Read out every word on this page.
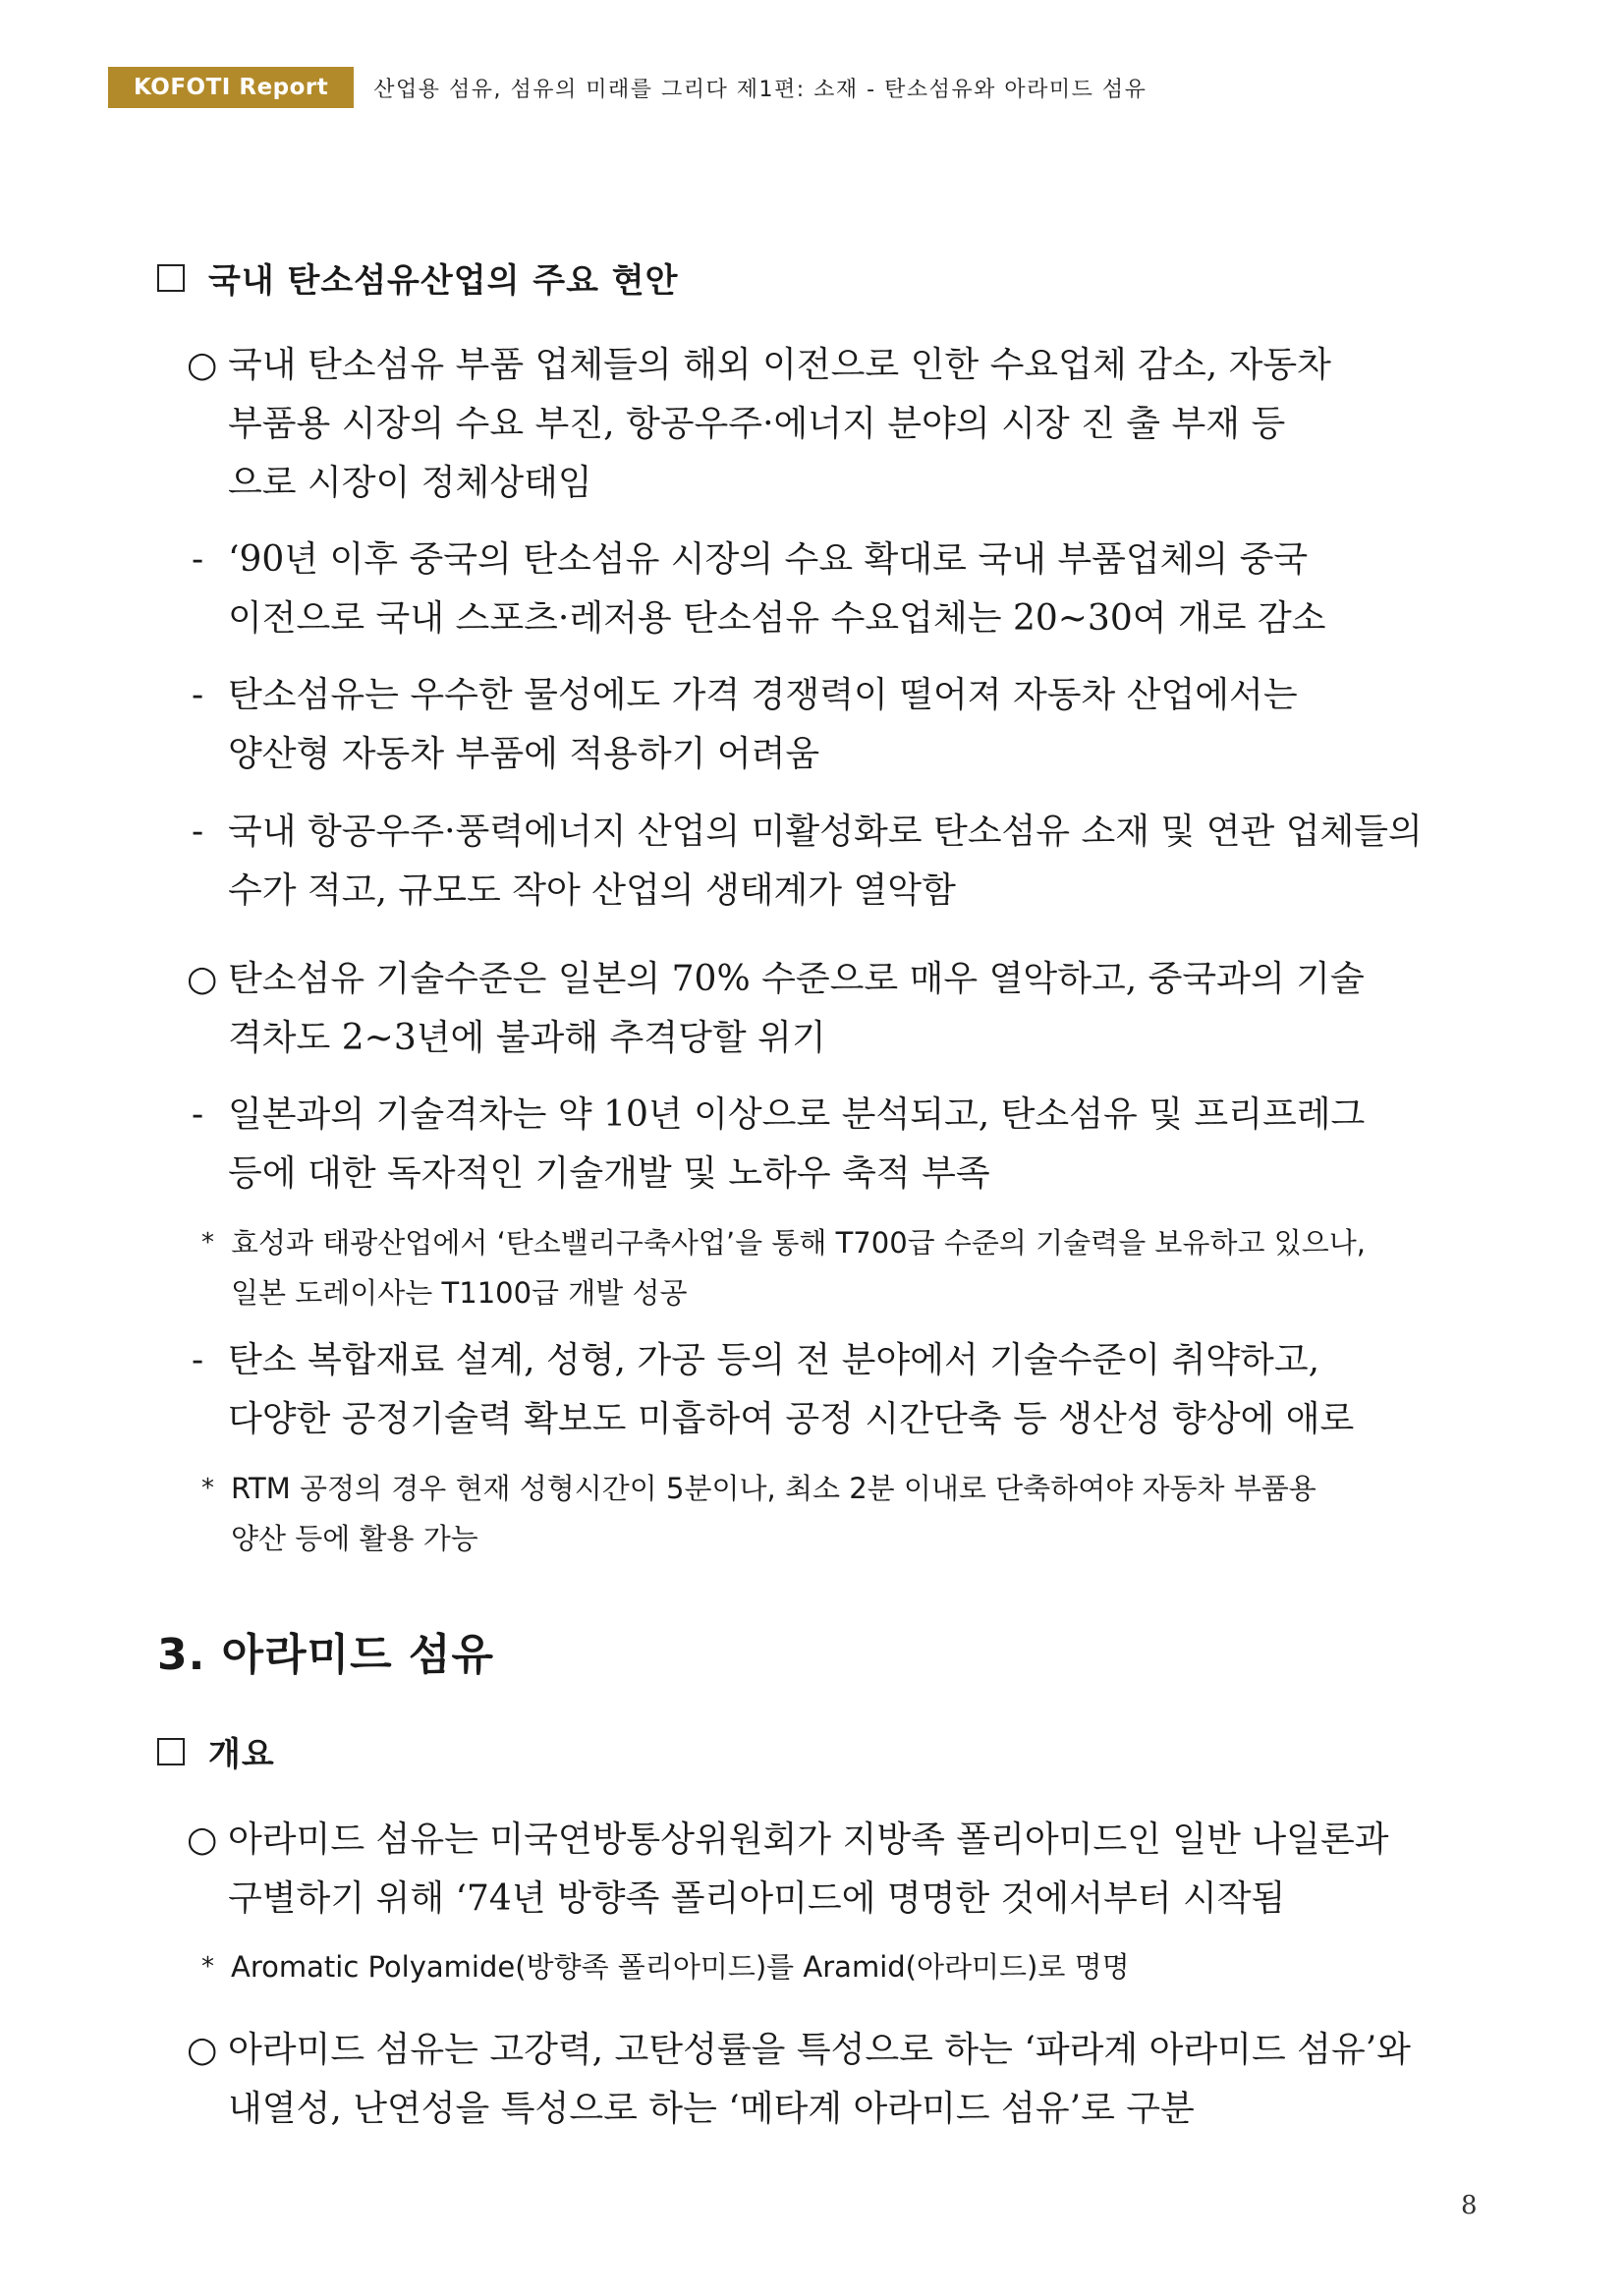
KOFOTI Report	산업용 섬유, 섬유의 미래를 그리다 제1편: 소재 - 탄소섬유와 아라미드 섬유
국내 탄소섬유산업의 주요 현안
○ 국내 탄소섬유 부품 업체들의 해외 이전으로 인한 수요업체 감소, 자동차
부품용 시장의 수요 부진, 항공우주·에너지 분야의 시장 진 출 부재 등
으로 시장이 정체상태임
- ‘90년 이후 중국의 탄소섬유 시장의 수요 확대로 국내 부품업체의 중국
이전으로 국내 스포츠·레저용 탄소섬유 수요업체는 20~30여 개로 감소
- 탄소섬유는 우수한 물성에도 가격 경쟁력이 떨어져 자동차 산업에서는
양산형 자동차 부품에 적용하기 어려움
- 국내 항공우주·풍력에너지 산업의 미활성화로 탄소섬유 소재 및 연관 업체들의
수가 적고, 규모도 작아 산업의 생태계가 열악함
○ 탄소섬유 기술수준은 일본의 70% 수준으로 매우 열악하고, 중국과의 기술
격차도 2~3년에 불과해 추격당할 위기
- 일본과의 기술격차는 약 10년 이상으로 분석되고, 탄소섬유 및 프리프레그
등에 대한 독자적인 기술개발 및 노하우 축적 부족
* 효성과 태광산업에서 ‘탄소밸리구축사업’을 통해 T700급 수준의 기술력을 보유하고 있으나,
일본 도레이사는 T1100급 개발 성공
- 탄소 복합재료 설계, 성형, 가공 등의 전 분야에서 기술수준이 취약하고,
다양한 공정기술력 확보도 미흡하여 공정 시간단축 등 생산성 향상에 애로
* RTM 공정의 경우 현재 성형시간이 5분이나, 최소 2분 이내로 단축하여야 자동차 부품용
양산 등에 활용 가능
3. 아라미드 섬유
개요
○ 아라미드 섬유는 미국연방통상위원회가 지방족 폴리아미드인 일반 나일론과
구별하기 위해 ‘74년 방향족 폴리아미드에 명명한 것에서부터 시작됨
* Aromatic Polyamide(방향족 폴리아미드)를 Aramid(아라미드)로 명명
○ 아라미드 섬유는 고강력, 고탄성률을 특성으로 하는 ‘파라계 아라미드 섬유’와
내열성, 난연성을 특성으로 하는 ‘메타계 아라미드 섬유’로 구분
8
